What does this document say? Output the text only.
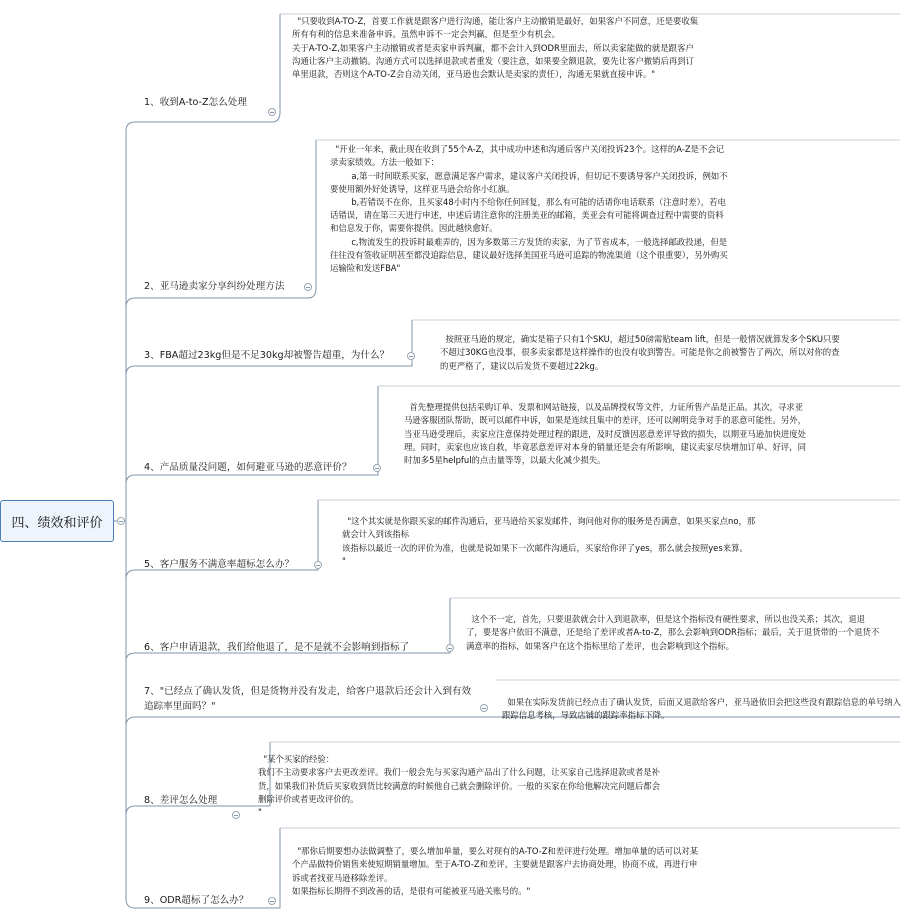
四、绩效和评价
1、收到A-to-Z怎么处理

"只要收到A-TO-Z，首要工作就是跟客户进行沟通，能让客户主动撤销是最好，如果客户不同意，还是要收集所有有利的信息来准备申诉。虽然申诉不一定会判赢，但是至少有机会。
关于A-TO-Z,如果客户主动撤销或者是卖家申诉判赢，都不会计入到ODR里面去，所以卖家能做的就是跟客户沟通让客户主动撤销。沟通方式可以选择退款或者重发（要注意，如果要全额退款，要先让客户撤销后再到订单里退款，否则这个A-TO-Z会自动关闭，亚马逊也会默认是卖家的责任），沟通无果就直接申诉。"

2、亚马逊卖家分享纠纷处理方法

"开业一年来，截止现在收到了55个A-Z，其中成功申述和沟通后客户关闭投诉23个。这样的A-Z是不会记录卖家绩效。方法一般如下：
a,第一时间联系买家，愿意满足客户需求，建议客户关闭投诉，但切记不要诱导客户关闭投诉，例如不要使用额外好处诱导，这样亚马逊会给你小红旗。
b,若错误不在你，且买家48小时内不给你任何回复，那么有可能的话请你电话联系（注意时差），若电话错误，请在第三天进行申述，申述后请注意你的注册美亚的邮箱，美亚会有可能将调查过程中需要的资料和信息发于你，需要你提供。因此越快愈好。
c,物流发生的投诉时最难弄的，因为多数第三方发货的卖家，为了节省成本，一般选择邮政投递，但是往往没有签收证明甚至都没追踪信息，建议最好选择美国亚马逊可追踪的物流渠道（这个很重要），另外购买运输险和发送FBA"

3、FBA超过23kg但是不足30kg却被警告超重，为什么？

按照亚马逊的规定，确实是箱子只有1个SKU，超过50磅需贴team lift，但是一般情况就算发多个SKU只要不超过30KG也没事，很多卖家都是这样操作的也没有收到警告。可能是你之前被警告了两次，所以对你的查的更严格了，建议以后发货不要超过22kg。

4、产品质量没问题，如何避亚马逊的恶意评价？

首先整理提供包括采购订单、发票和网站链接，以及品牌授权等文件，力证所售产品是正品。其次，寻求亚马逊客服团队帮助，既可以邮件申诉，如果是连续且集中的差评，还可以阐明竞争对手的恶意可能性。另外，当亚马逊受理后，卖家应注意保持处理过程的跟进，及时反馈因恶意差评导致的损失，以期亚马逊加快进度处理。同时，卖家也应该自救，毕竟恶意差评对本身的销量还是会有所影响，建议卖家尽快增加订单、好评，同时加多5星helpful的点击量等等，以最大化减少损失。

5、客户服务不满意率超标怎么办？

"这个其实就是你跟买家的邮件沟通后，亚马逊给买家发邮件，询问他对你的服务是否满意，如果买家点no，那就会计入到该指标
该指标以最近一次的评价为准，也就是说如果下一次邮件沟通后，买家给你评了yes，那么就会按照yes来算。
"

6、客户申请退款，我们给他退了，是不是就不会影响到指标了

这个不一定，首先，只要退款就会计入到退款率，但是这个指标没有硬性要求，所以也没关系；其次，退退了，要是客户依旧不满意，还是给了差评或者A-to-Z，那么会影响到ODR指标；最后，关于退货带的一个退货不满意率的指标，如果客户在这个指标里给了差评，也会影响到这个指标。

7、"已经点了确认发货，但是货物并没有发走，给客户退款后还会计入到有效追踪率里面吗？"	如果在实际发货前已经点击了确认发货，后面又退款给客户，亚马逊依旧会把这些没有跟踪信息的单号纳入跟踪信息考核，导致店铺的跟踪率指标下降。

8、差评怎么处理

"某个买家的经验：
我们不主动要求客户去更改差评。我们一般会先与买家沟通产品出了什么问题，让买家自己选择退款或者是补货，如果我们补货后买家收到货比较满意的时候他自己就会删除评价。一般的买家在你给他解决完问题后都会删除评价或者更改评价的。
"

9、ODR超标了怎么办？

"那你后期要想办法做调整了，要么增加单量，要么对现有的A-TO-Z和差评进行处理。增加单量的话可以对某个产品做特价销售来使短期销量增加。至于A-TO-Z和差评，主要就是跟客户去协商处理，协商不成，再进行申诉或者找亚马逊移除差评。
如果指标长期得不到改善的话，是很有可能被亚马逊关账号的。"
